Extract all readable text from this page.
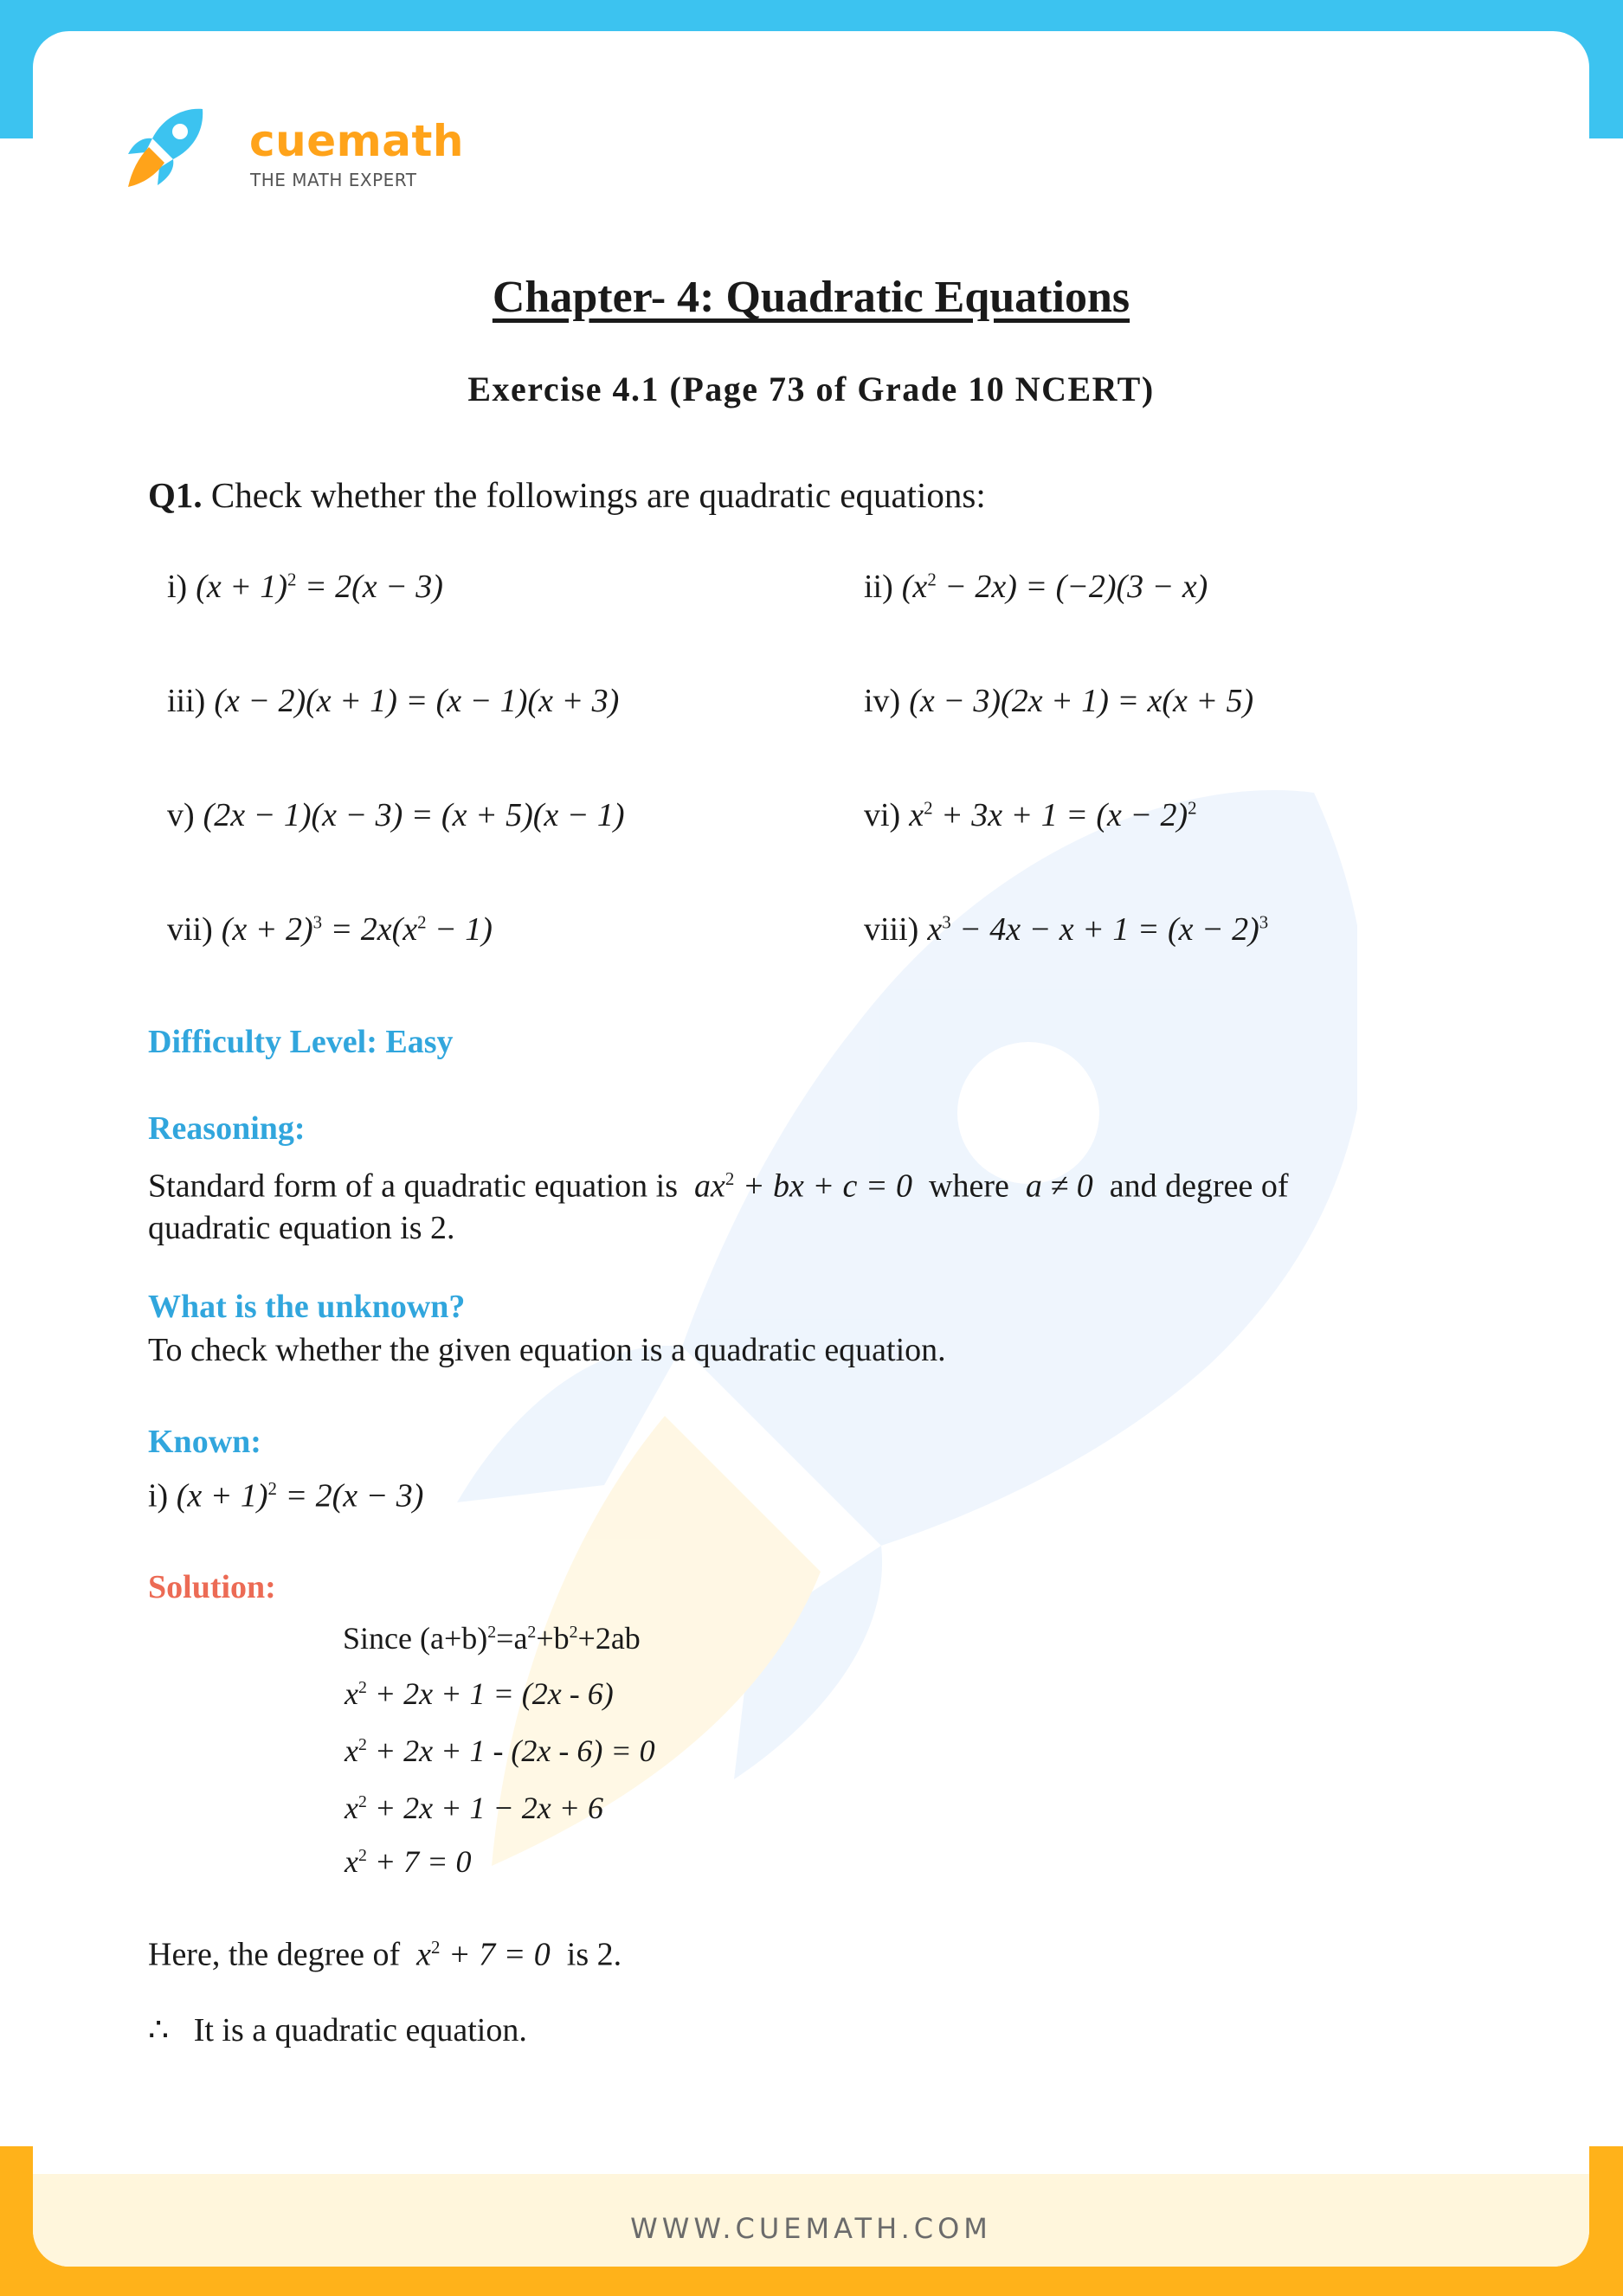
cuemath
THE MATH EXPERT
Chapter- 4: Quadratic Equations
Exercise 4.1 (Page 73 of Grade 10 NCERT)
Q1. Check whether the followings are quadratic equations:
i) $(x + 1)^2 = 2(x - 3)$	ii) $(x^2 - 2x) = (-2)(3 - x)$
iii) (x − 2)(x + 1) = (x − 1)(x + 3)	iv) (x − 3)(2x + 1) = x(x + 5)
v) (2x − 1)(x − 3) = (x + 5)(x − 1)	vi) $x^2 + 3x + 1 = (x - 2)^2$
vii) $(x + 2)^3 = 2x(x^2 - 1)$	viii) $x^3 - 4x - x + 1 = (x - 2)^3$
Difficulty Level: Easy
Reasoning:
Standard form of a quadratic equation is $ax^2$ + bx + c = 0 where a ≠ 0 and degree of
quadratic equation is 2.
What is the unknown?
To check whether the given equation is a quadratic equation.
Known:
i) $(x + 1)^2 = 2(x - 3)$
Solution:
Since $(a+b)^2=a^2+b^2+2ab$
$x^2 + 2x + 1 = (2x - 6)$
$x^2 + 2x + 1 - (2x - 6) = 0$
$x^2 + 2x + 1 - 2x + 6$
$x^2 + 7 = 0$
Here, the degree of $x^2 + 7 = 0$ is 2.
∴ It is a quadratic equation.
WWW.CUEMATH.COM
